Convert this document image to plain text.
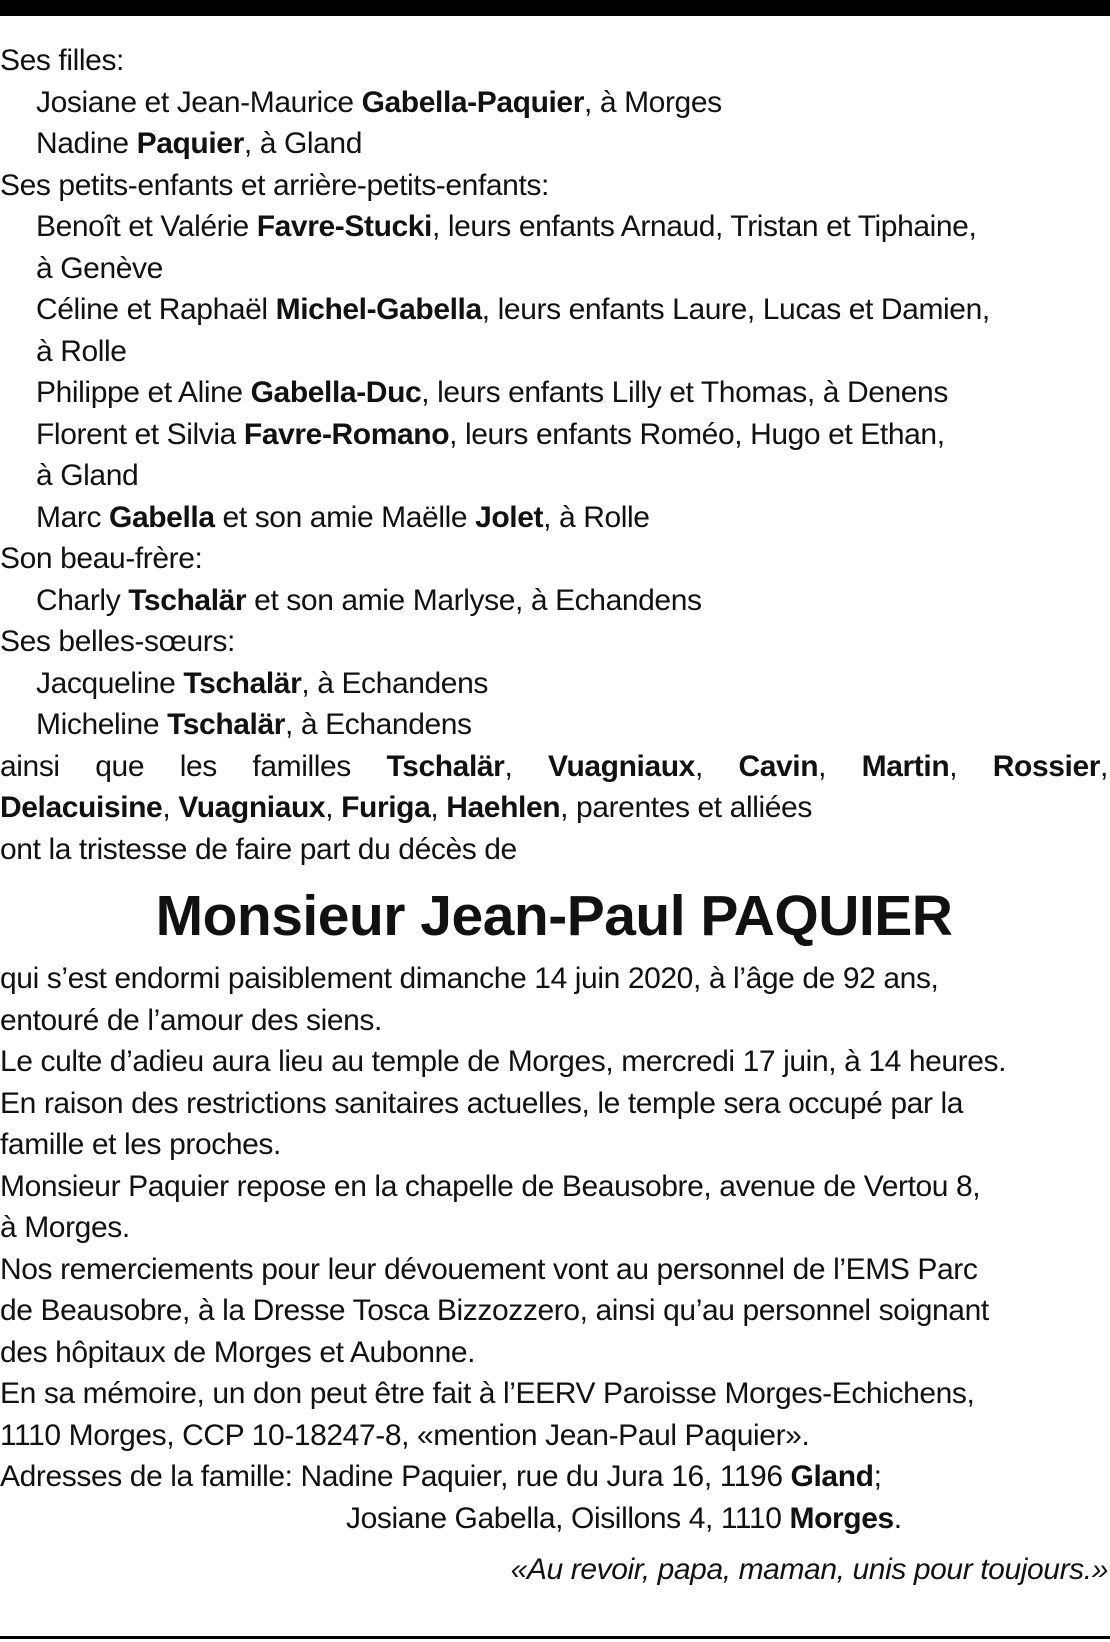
Ses filles:
Josiane et Jean-Maurice Gabella-Paquier, à Morges
Nadine Paquier, à Gland
Ses petits-enfants et arrière-petits-enfants:
Benoît et Valérie Favre-Stucki, leurs enfants Arnaud, Tristan et Tiphaine,
à Genève
Céline et Raphaël Michel-Gabella, leurs enfants Laure, Lucas et Damien,
à Rolle
Philippe et Aline Gabella-Duc, leurs enfants Lilly et Thomas, à Denens
Florent et Silvia Favre-Romano, leurs enfants Roméo, Hugo et Ethan,
à Gland
Marc Gabella et son amie Maëlle Jolet, à Rolle
Son beau-frère:
Charly Tschalär et son amie Marlyse, à Echandens
Ses belles-sœurs:
Jacqueline Tschalär, à Echandens
Micheline Tschalär, à Echandens
ainsi que les familles Tschalär, Vuagniaux, Cavin, Martin, Rossier,
Delacuisine, Vuagniaux, Furiga, Haehlen, parentes et alliées
ont la tristesse de faire part du décès de
Monsieur Jean-Paul PAQUIER
qui s’est endormi paisiblement dimanche 14 juin 2020, à l’âge de 92 ans,
entouré de l’amour des siens.
Le culte d’adieu aura lieu au temple de Morges, mercredi 17 juin, à 14 heures.
En raison des restrictions sanitaires actuelles, le temple sera occupé par la
famille et les proches.
Monsieur Paquier repose en la chapelle de Beausobre, avenue de Vertou 8,
à Morges.
Nos remerciements pour leur dévouement vont au personnel de l’EMS Parc
de Beausobre, à la Dresse Tosca Bizzozzero, ainsi qu’au personnel soignant
des hôpitaux de Morges et Aubonne.
En sa mémoire, un don peut être fait à l’EERV Paroisse Morges-Echichens,
1110 Morges, CCP 10-18247-8, «mention Jean-Paul Paquier».
Adresses de la famille: Nadine Paquier, rue du Jura 16, 1196 Gland;
Josiane Gabella, Oisillons 4, 1110 Morges.
«Au revoir, papa, maman, unis pour toujours.»
